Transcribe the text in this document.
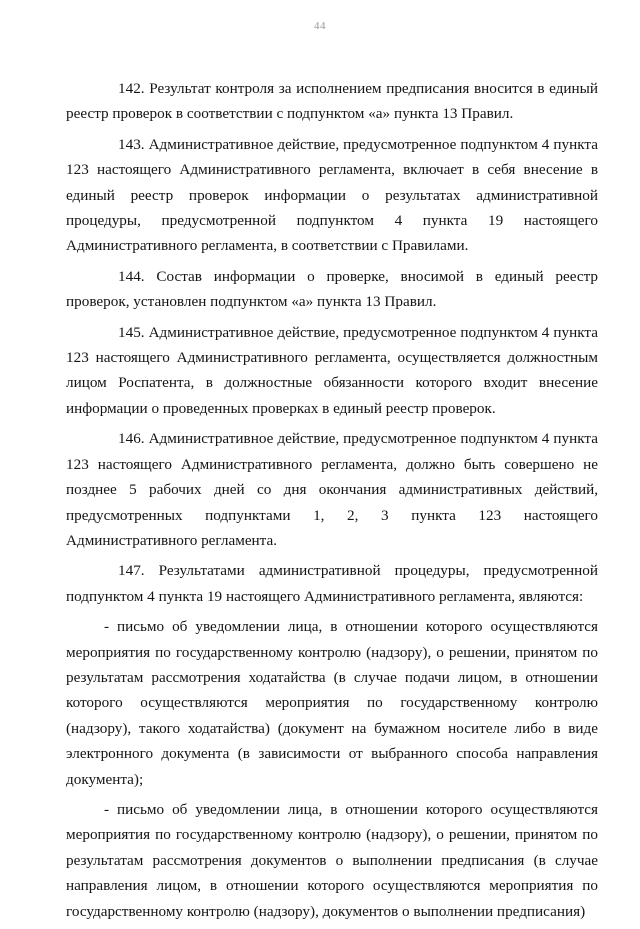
44

142. Результат контроля за исполнением предписания вносится в единый реестр проверок в соответствии с подпунктом «а» пункта 13 Правил.

143. Административное действие, предусмотренное подпунктом 4 пункта 123 настоящего Административного регламента, включает в себя внесение в единый реестр проверок информации о результатах административной процедуры, предусмотренной подпунктом 4 пункта 19 настоящего Административного регламента, в соответствии с Правилами.

144. Состав информации о проверке, вносимой в единый реестр проверок, установлен подпунктом «а» пункта 13 Правил.

145. Административное действие, предусмотренное подпунктом 4 пункта 123 настоящего Административного регламента, осуществляется должностным лицом Роспатента, в должностные обязанности которого входит внесение информации о проведенных проверках в единый реестр проверок.

146. Административное действие, предусмотренное подпунктом 4 пункта 123 настоящего Административного регламента, должно быть совершено не позднее 5 рабочих дней со дня окончания административных действий, предусмотренных подпунктами 1, 2, 3 пункта 123 настоящего Административного регламента.

147. Результатами административной процедуры, предусмотренной подпунктом 4 пункта 19 настоящего Административного регламента, являются:

- письмо об уведомлении лица, в отношении которого осуществляются мероприятия по государственному контролю (надзору), о решении, принятом по результатам рассмотрения ходатайства (в случае подачи лицом, в отношении которого осуществляются мероприятия по государственному контролю (надзору), такого ходатайства) (документ на бумажном носителе либо в виде электронного документа (в зависимости от выбранного способа направления документа);

- письмо об уведомлении лица, в отношении которого осуществляются мероприятия по государственному контролю (надзору), о решении, принятом по результатам рассмотрения документов о выполнении предписания (в случае направления лицом, в отношении которого осуществляются мероприятия по государственному контролю (надзору), документов о выполнении предписания)
